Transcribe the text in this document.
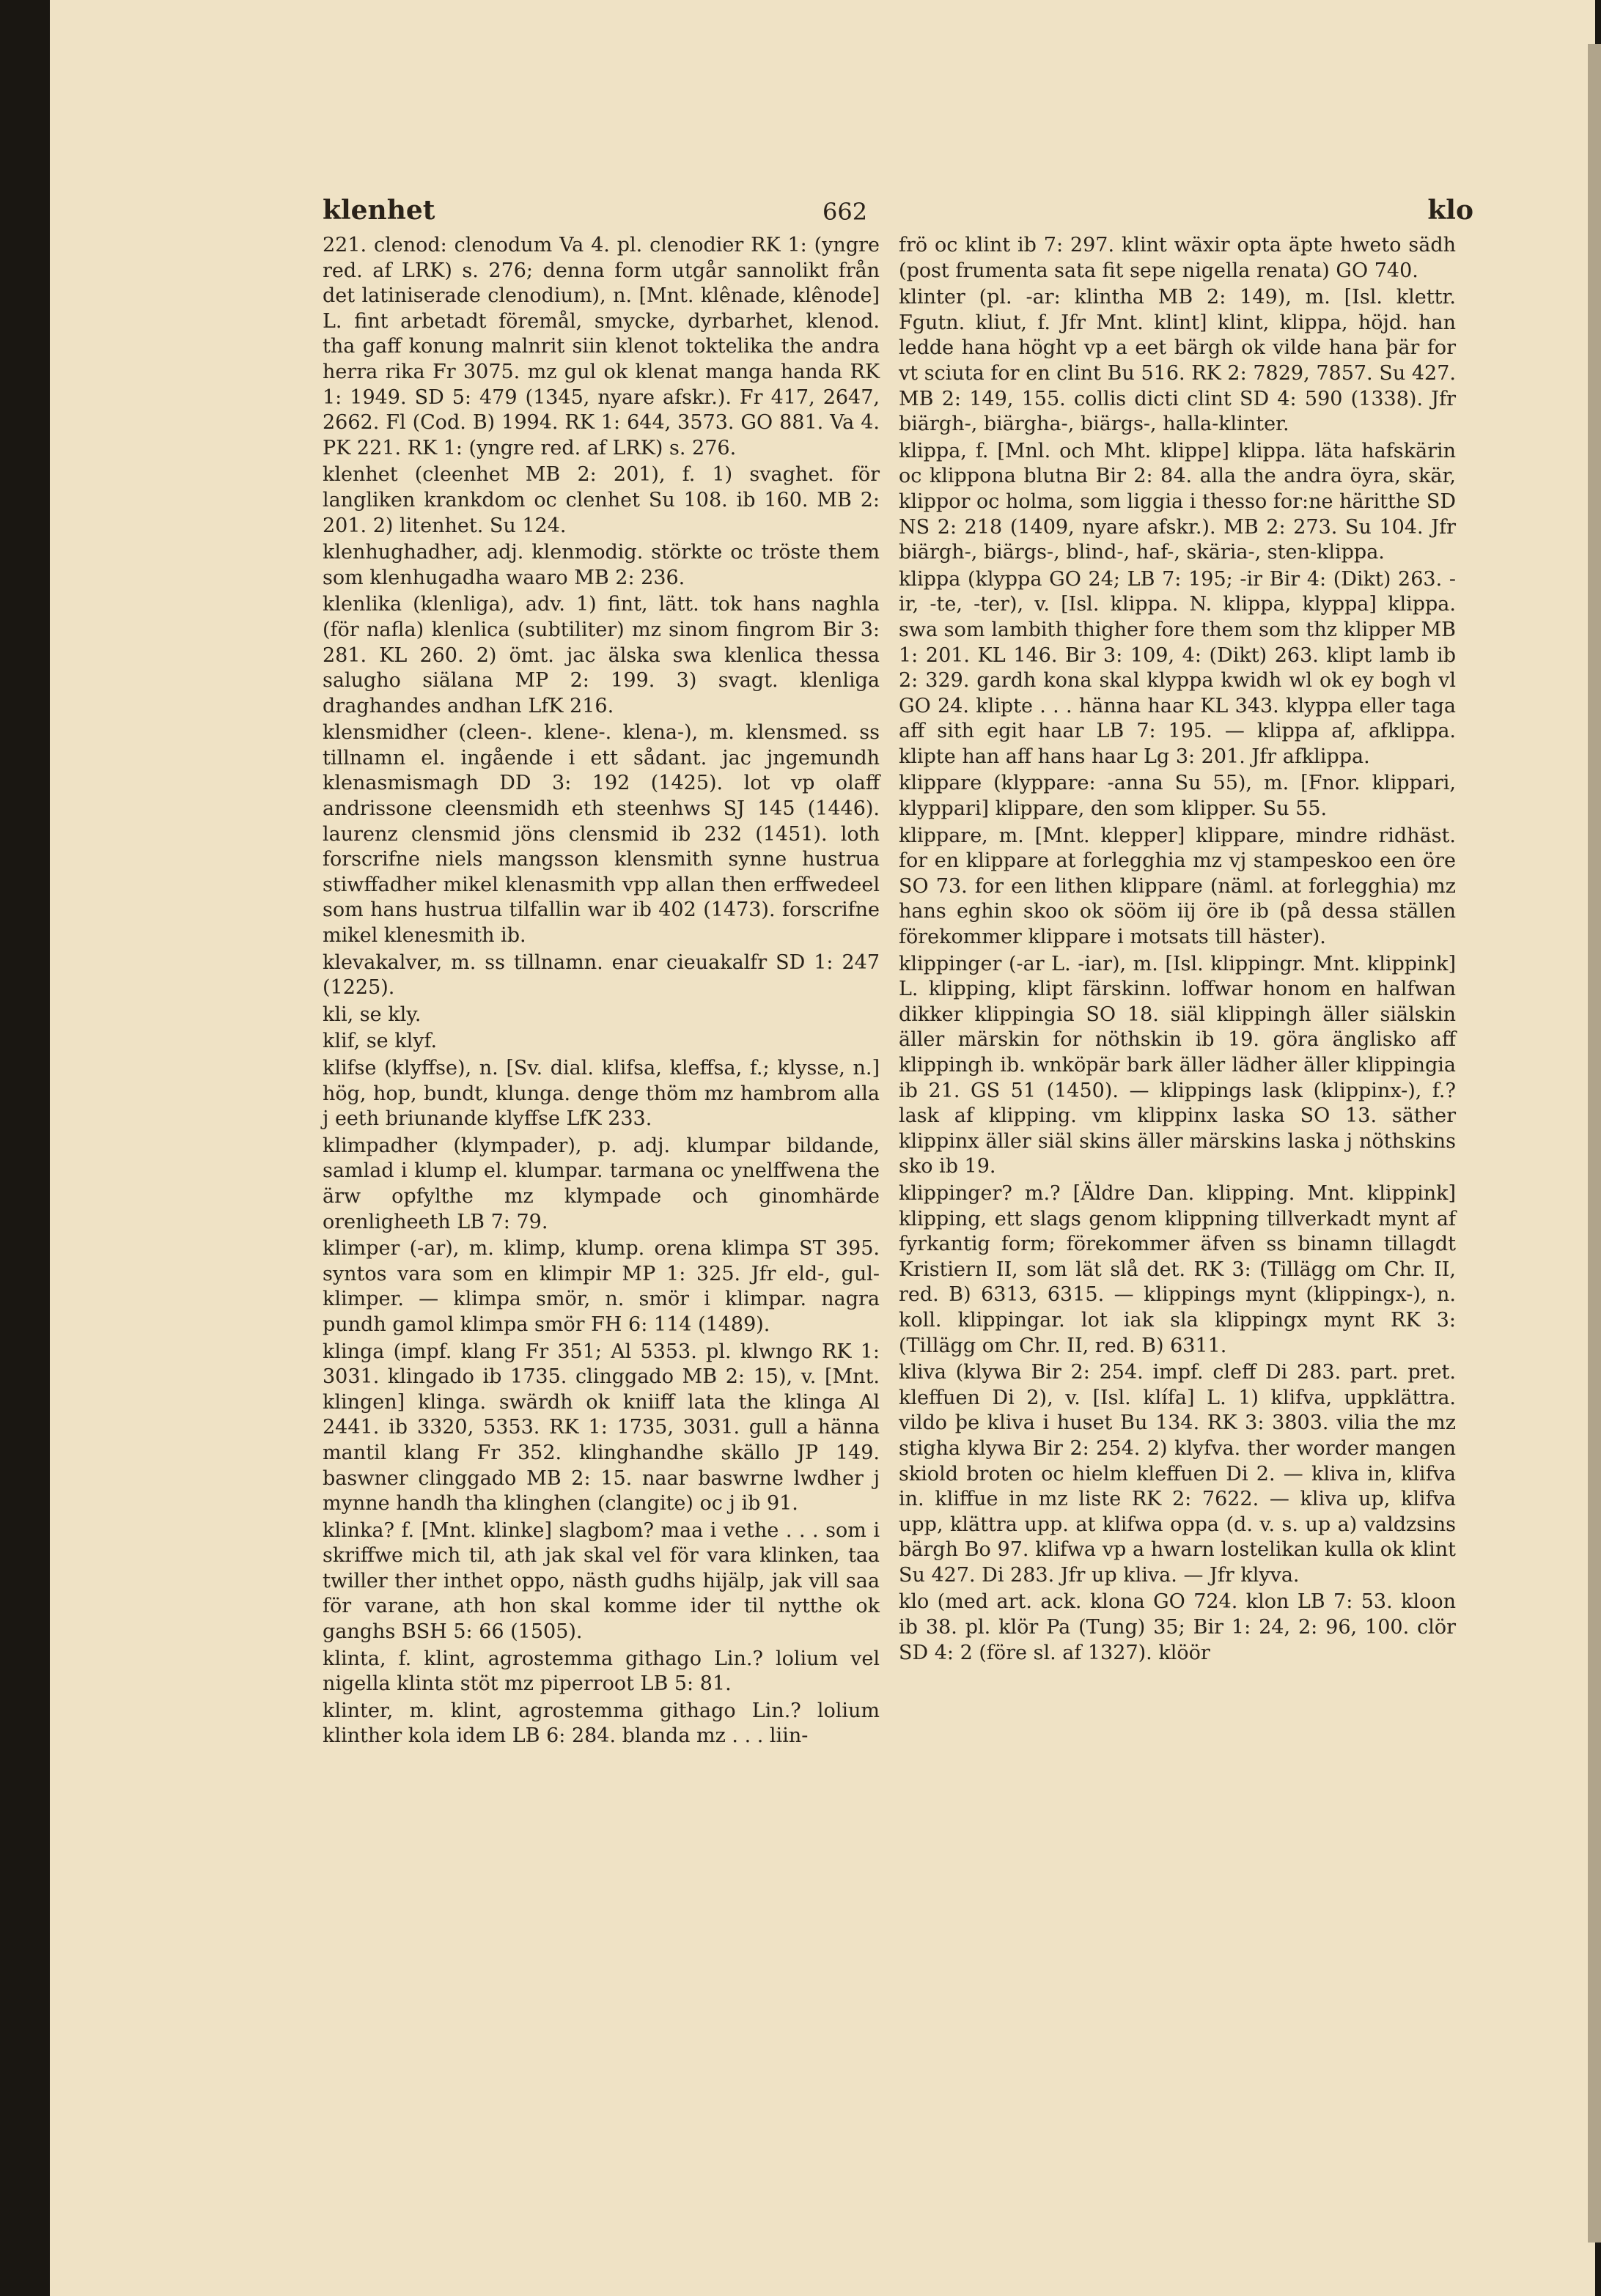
klenhet	662	klo

221. clenod: clenodum Va 4. pl. clenodier RK 1: (yngre red. af LRK) s. 276; denna form utgår sannolikt från det latiniserade clenodium), n. [Mnt. klênade, klênode] L. fint arbetadt föremål, smycke, dyrbarhet, klenod. tha gaff konung malnrit siin klenot toktelika the andra herra rika Fr 3075. mz gul ok klenat manga handa RK 1: 1949. SD 5: 479 (1345, nyare afskr.). Fr 417, 2647, 2662. Fl (Cod. B) 1994. RK 1: 644, 3573. GO 881. Va 4. PK 221. RK 1: (yngre red. af LRK) s. 276.

klenhet (cleenhet MB 2: 201), f. 1) svaghet. för langliken krankdom oc clenhet Su 108. ib 160. MB 2: 201. 2) litenhet. Su 124.

klenhughadher, adj. klenmodig. störkte oc tröste them som klenhugadha waaro MB 2: 236.

klenlika (klenliga), adv. 1) fint, lätt. tok hans naghla (för nafla) klenlica (subtiliter) mz sinom fingrom Bir 3: 281. KL 260. 2) ömt. jac älska swa klenlica thessa salugho siälana MP 2: 199. 3) svagt. klenliga draghandes andhan LfK 216.

klensmidher (cleen-. klene-. klena-), m. klensmed. ss tillnamn el. ingående i ett sådant. jac jngemundh klenasmismagh DD 3: 192 (1425). lot vp olaff andrissone cleensmidh eth steenhws SJ 145 (1446). laurenz clensmid jöns clensmid ib 232 (1451). loth forscrifne niels mangsson klensmith synne hustrua stiwffadher mikel klenasmith vpp allan then erffwedeel som hans hustrua tilfallin war ib 402 (1473). forscrifne mikel klenesmith ib.

klevakalver, m. ss tillnamn. enar cieuakalfr SD 1: 247 (1225).

kli, se kly.

klif, se klyf.

klifse (klyffse), n. [Sv. dial. klifsa, kleffsa, f.; klysse, n.] hög, hop, bundt, klunga. denge thöm mz hambrom alla j eeth briunande klyffse LfK 233.

klimpadher (klympader), p. adj. klumpar bildande, samlad i klump el. klumpar. tarmana oc ynelffwena the ärw opfylthe mz klympade och ginomhärde orenligheeth LB 7: 79.

klimper (-ar), m. klimp, klump. orena klimpa ST 395. syntos vara som en klimpir MP 1: 325. Jfr eld-, gul-klimper. — klimpa smör, n. smör i klimpar. nagra pundh gamol klimpa smör FH 6: 114 (1489).

klinga (impf. klang Fr 351; Al 5353. pl. klwngo RK 1: 3031. klingado ib 1735. clinggado MB 2: 15), v. [Mnt. klingen] klinga. swärdh ok kniiff lata the klinga Al 2441. ib 3320, 5353. RK 1: 1735, 3031. gull a hänna mantil klang Fr 352. klinghandhe skällo JP 149. baswner clinggado MB 2: 15. naar baswrne lwdher j mynne handh tha klinghen (clangite) oc j ib 91.

klinka? f. [Mnt. klinke] slagbom? maa i vethe . . . som i skriffwe mich til, ath jak skal vel för vara klinken, taa twiller ther inthet oppo, nästh gudhs hijälp, jak vill saa för varane, ath hon skal komme ider til nytthe ok ganghs BSH 5: 66 (1505).

klinta, f. klint, agrostemma githago Lin.? lolium vel nigella klinta stöt mz piperroot LB 5: 81.

klinter, m. klint, agrostemma githago Lin.? lolium klinther kola idem LB 6: 284. blanda mz . . . liin-

frö oc klint ib 7: 297. klint wäxir opta äpte hweto sädh (post frumenta sata fit sepe nigella renata) GO 740.

klinter (pl. -ar: klintha MB 2: 149), m. [Isl. klettr. Fgutn. kliut, f. Jfr Mnt. klint] klint, klippa, höjd. han ledde hana höght vp a eet bärgh ok vilde hana þär for vt sciuta for en clint Bu 516. RK 2: 7829, 7857. Su 427. MB 2: 149, 155. collis dicti clint SD 4: 590 (1338). Jfr biärgh-, biärgha-, biärgs-, halla-klinter.

klippa, f. [Mnl. och Mht. klippe] klippa. läta hafskärin oc klippona blutna Bir 2: 84. alla the andra öyra, skär, klippor oc holma, som liggia i thesso for:ne häritthe SD NS 2: 218 (1409, nyare afskr.). MB 2: 273. Su 104. Jfr biärgh-, biärgs-, blind-, haf-, skäria-, sten-klippa.

klippa (klyppa GO 24; LB 7: 195; -ir Bir 4: (Dikt) 263. -ir, -te, -ter), v. [Isl. klippa. N. klippa, klyppa] klippa. swa som lambith thigher fore them som thz klipper MB 1: 201. KL 146. Bir 3: 109, 4: (Dikt) 263. klipt lamb ib 2: 329. gardh kona skal klyppa kwidh wl ok ey bogh vl GO 24. klipte . . . hänna haar KL 343. klyppa eller taga aff sith egit haar LB 7: 195. — klippa af, afklippa. klipte han aff hans haar Lg 3: 201. Jfr afklippa.

klippare (klyppare: -anna Su 55), m. [Fnor. klippari, klyppari] klippare, den som klipper. Su 55.

klippare, m. [Mnt. klepper] klippare, mindre ridhäst. for en klippare at forlegghia mz vj stampeskoo een öre SO 73. for een lithen klippare (näml. at forlegghia) mz hans eghin skoo ok sööm iij öre ib (på dessa ställen förekommer klippare i motsats till häster).

klippinger (-ar L. -iar), m. [Isl. klippingr. Mnt. klippink] L. klipping, klipt färskinn. loffwar honom en halfwan dikker klippingia SO 18. siäl klippingh äller siälskin äller märskin for nöthskin ib 19. göra änglisko aff klippingh ib. wnköpär bark äller lädher äller klippingia ib 21. GS 51 (1450). — klippings lask (klippinx-), f.? lask af klipping. vm klippinx laska SO 13. säther klippinx äller siäl skins äller märskins laska j nöthskins sko ib 19.

klippinger? m.? [Äldre Dan. klipping. Mnt. klippink] klipping, ett slags genom klippning tillverkadt mynt af fyrkantig form; förekommer äfven ss binamn tillagdt Kristiern II, som lät slå det. RK 3: (Tillägg om Chr. II, red. B) 6313, 6315. — klippings mynt (klippingx-), n. koll. klippingar. lot iak sla klippingx mynt RK 3: (Tillägg om Chr. II, red. B) 6311.

kliva (klywa Bir 2: 254. impf. cleff Di 283. part. pret. kleffuen Di 2), v. [Isl. klífa] L. 1) klifva, uppklättra. vildo þe kliva i huset Bu 134. RK 3: 3803. vilia the mz stigha klywa Bir 2: 254. 2) klyfva. ther worder mangen skiold broten oc hielm kleffuen Di 2. — kliva in, klifva in. kliffue in mz liste RK 2: 7622. — kliva up, klifva upp, klättra upp. at klifwa oppa (d. v. s. up a) valdzsins bärgh Bo 97. klifwa vp a hwarn lostelikan kulla ok klint Su 427. Di 283. Jfr up kliva. — Jfr klyva.

klo (med art. ack. klona GO 724. klon LB 7: 53. kloon ib 38. pl. klör Pa (Tung) 35; Bir 1: 24, 2: 96, 100. clör SD 4: 2 (före sl. af 1327). klöör
